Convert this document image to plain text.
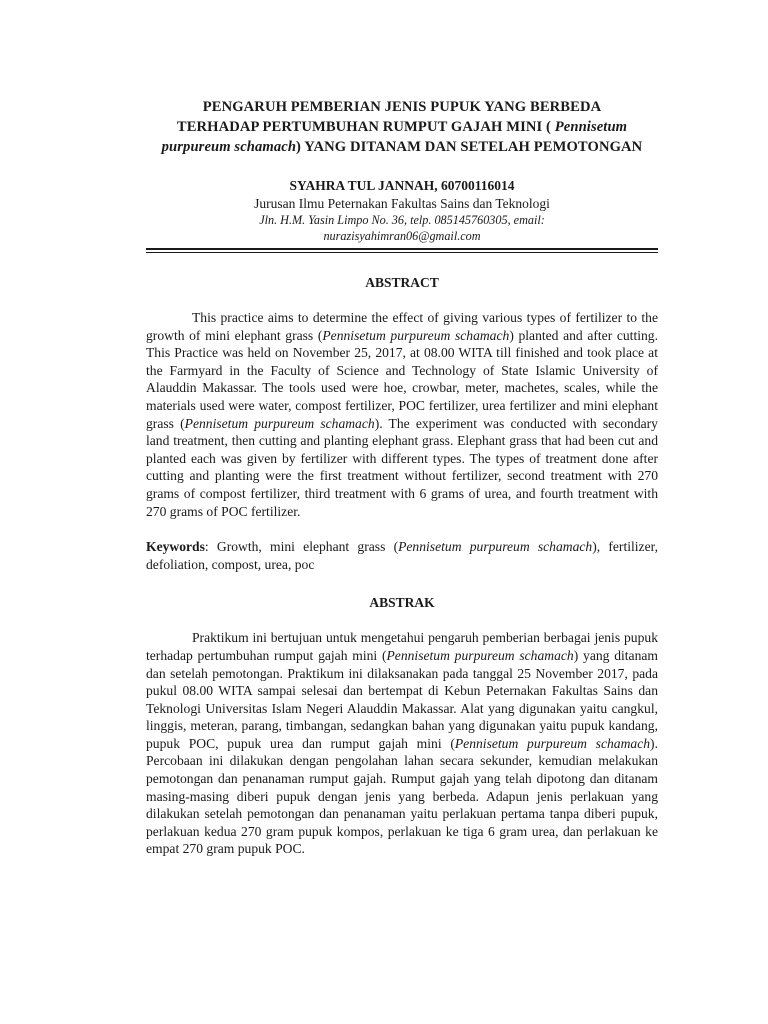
PENGARUH PEMBERIAN JENIS PUPUK YANG BERBEDA
TERHADAP PERTUMBUHAN RUMPUT GAJAH MINI ( Pennisetum
purpureum schamach) YANG DITANAM DAN SETELAH PEMOTONGAN

SYAHRA TUL JANNAH, 60700116014
Jurusan Ilmu Peternakan Fakultas Sains dan Teknologi
Jln. H.M. Yasin Limpo No. 36, telp. 085145760305, email:
nurazisyahimran06@gmail.com
ABSTRACT

This practice aims to determine the effect of giving various types of fertilizer to the growth of mini elephant grass (Pennisetum purpureum schamach) planted and after cutting. This Practice was held on November 25, 2017, at 08.00 WITA till finished and took place at the Farmyard in the Faculty of Science and Technology of State Islamic University of Alauddin Makassar. The tools used were hoe, crowbar, meter, machetes, scales, while the materials used were water, compost fertilizer, POC fertilizer, urea fertilizer and mini elephant grass (Pennisetum purpureum schamach). The experiment was conducted with secondary land treatment, then cutting and planting elephant grass. Elephant grass that had been cut and planted each was given by fertilizer with different types. The types of treatment done after cutting and planting were the first treatment without fertilizer, second treatment with 270 grams of compost fertilizer, third treatment with 6 grams of urea, and fourth treatment with 270 grams of POC fertilizer.

Keywords: Growth, mini elephant grass (Pennisetum purpureum schamach), fertilizer, defoliation, compost, urea, poc

ABSTRAK

Praktikum ini bertujuan untuk mengetahui pengaruh pemberian berbagai jenis pupuk terhadap pertumbuhan rumput gajah mini (Pennisetum purpureum schamach) yang ditanam dan setelah pemotongan. Praktikum ini dilaksanakan pada tanggal 25 November 2017, pada pukul 08.00 WITA sampai selesai dan bertempat di Kebun Peternakan Fakultas Sains dan Teknologi Universitas Islam Negeri Alauddin Makassar. Alat yang digunakan yaitu cangkul, linggis, meteran, parang, timbangan, sedangkan bahan yang digunakan yaitu pupuk kandang, pupuk POC, pupuk urea dan rumput gajah mini (Pennisetum purpureum schamach). Percobaan ini dilakukan dengan pengolahan lahan secara sekunder, kemudian melakukan pemotongan dan penanaman rumput gajah. Rumput gajah yang telah dipotong dan ditanam masing-masing diberi pupuk dengan jenis yang berbeda. Adapun jenis perlakuan yang dilakukan setelah pemotongan dan penanaman yaitu perlakuan pertama tanpa diberi pupuk, perlakuan kedua 270 gram pupuk kompos, perlakuan ke tiga 6 gram urea, dan perlakuan ke empat 270 gram pupuk POC.
